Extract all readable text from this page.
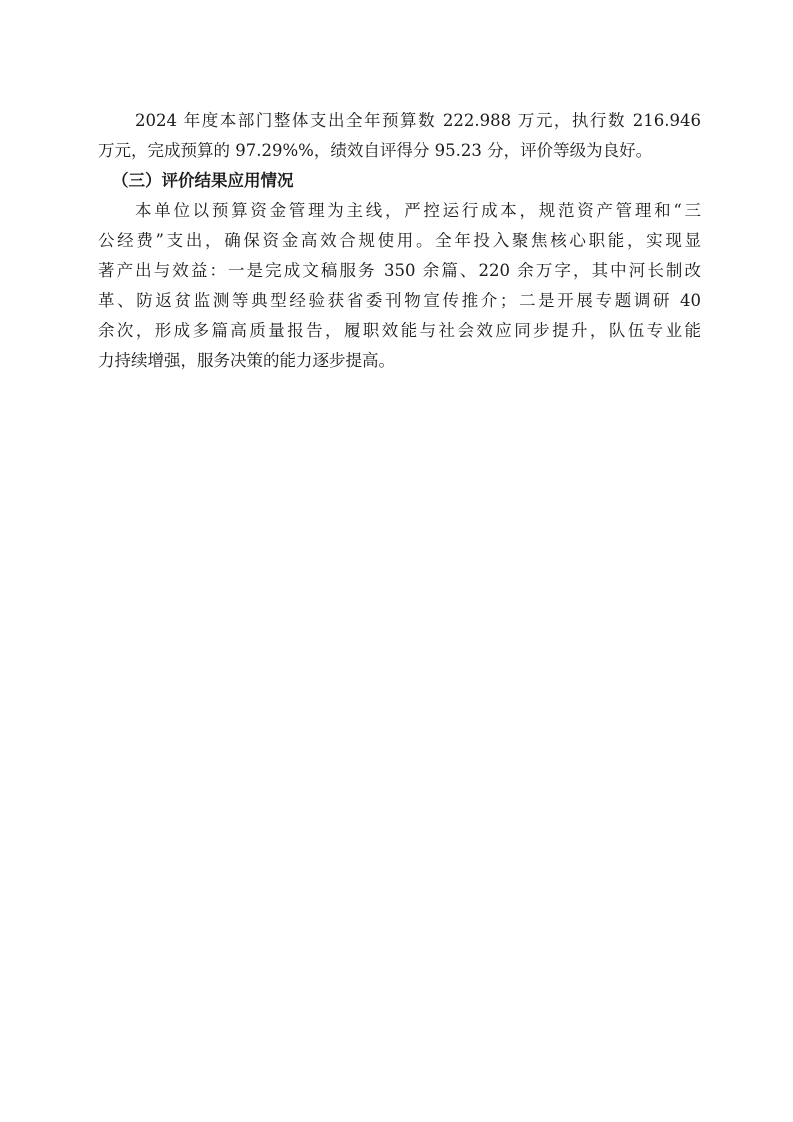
2024 年度本部门整体支出全年预算数 222.988 万元，执行数 216.946
万元，完成预算的 97.29%%，绩效自评得分 95.23 分，评价等级为良好。

（三）评价结果应用情况

本单位以预算资金管理为主线，严控运行成本，规范资产管理和“三
公经费”支出，确保资金高效合规使用。全年投入聚焦核心职能，实现显
著产出与效益：一是完成文稿服务 350 余篇、220 余万字，其中河长制改
革、防返贫监测等典型经验获省委刊物宣传推介；二是开展专题调研 40
余次，形成多篇高质量报告，履职效能与社会效应同步提升，队伍专业能
力持续增强，服务决策的能力逐步提高。
